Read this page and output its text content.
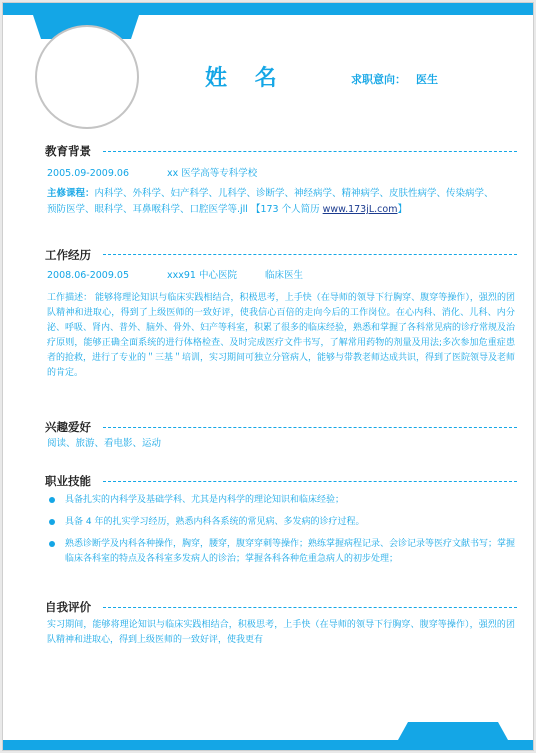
姓 名	求职意向： 医生
教育背景
2005.09-2009.06	xx 医学高等专科学校
主修课程：内科学、外科学、妇产科学、儿科学、诊断学、神经病学、精神病学、皮肤性病学、传染病学、
预防医学、眼科学、耳鼻喉科学、口腔医学等.jll 【173 个人简历 www.173jL.com】
工作经历
2008.06-2009.05	xxx91 中心医院	临床医生
工作描述： 能够将理论知识与临床实践相结合，积极思考，上手快（在导师的领导下行胸穿、腹穿等操作），强烈的团队精神和进取心，得到了上级医师的一致好评，使我信心百倍的走向今后的工作岗位。在心内科、消化、儿科、内分泌、呼吸、肾内、普外、脑外、骨外、妇产等科室，积累了很多的临床经验，熟悉和掌握了各科常见病的诊疗常规及治疗原则，能够正确全面系统的进行体格检查、及时完成医疗文件书写，了解常用药物的剂量及用法;多次参加危重症患者的抢救，进行了专业的＂三基＂培训，实习期间可独立分管病人，能够与带教老师达成共识，得到了医院领导及老师的肯定。
兴趣爱好
阅读、旅游、看电影、运动
职业技能
具备扎实的内科学及基础学科、尤其是内科学的理论知识和临床经验；
具备 4 年的扎实学习经历，熟悉内科各系统的常见病、多发病的诊疗过程。
熟悉诊断学及内科各种操作，胸穿，腰穿，腹穿穿刺等操作；熟练掌握病程记录、会诊记录等医疗文献书写；掌握临床各科室的特点及各科室多发病人的诊治；掌握各科各种危重急病人的初步处理；
自我评价
实习期间，能够将理论知识与临床实践相结合，积极思考，上手快（在导师的领导下行胸穿、腹穿等操作），强烈的团队精神和进取心，得到上级医师的一致好评，使我更有
